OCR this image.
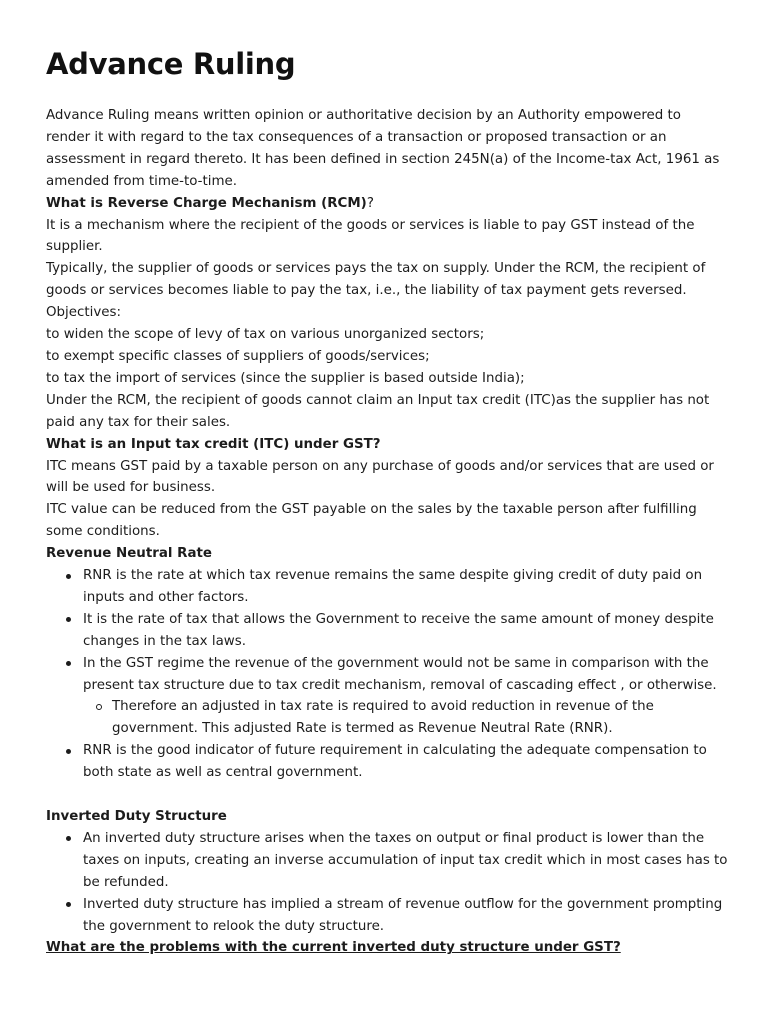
Advance Ruling

Advance Ruling means written opinion or authoritative decision by an Authority empowered to render it with regard to the tax consequences of a transaction or proposed transaction or an assessment in regard thereto. It has been defined in section 245N(a) of the Income-tax Act, 1961 as amended from time-to-time.

What is Reverse Charge Mechanism (RCM)?

It is a mechanism where the recipient of the goods or services is liable to pay GST instead of the supplier.

Typically, the supplier of goods or services pays the tax on supply. Under the RCM, the recipient of goods or services becomes liable to pay the tax, i.e., the liability of tax payment gets reversed.

Objectives:

to widen the scope of levy of tax on various unorganized sectors;

to exempt specific classes of suppliers of goods/services;

to tax the import of services (since the supplier is based outside India);

Under the RCM, the recipient of goods cannot claim an Input tax credit (ITC)as the supplier has not paid any tax for their sales.

What is an Input tax credit (ITC) under GST?

ITC means GST paid by a taxable person on any purchase of goods and/or services that are used or will be used for business.

ITC value can be reduced from the GST payable on the sales by the taxable person after fulfilling some conditions.

Revenue Neutral Rate

RNR is the rate at which tax revenue remains the same despite giving credit of duty paid on inputs and other factors.
It is the rate of tax that allows the Government to receive the same amount of money despite changes in the tax laws.
In the GST regime the revenue of the government would not be same in comparison with the present tax structure due to tax credit mechanism, removal of cascading effect , or otherwise.
Therefore an adjusted in tax rate is required to avoid reduction in revenue of the government. This adjusted Rate is termed as Revenue Neutral Rate (RNR).
RNR is the good indicator of future requirement in calculating the adequate compensation to both state as well as central government.

Inverted Duty Structure

An inverted duty structure arises when the taxes on output or final product is lower than the taxes on inputs, creating an inverse accumulation of input tax credit which in most cases has to be refunded.
Inverted duty structure has implied a stream of revenue outflow for the government prompting the government to relook the duty structure.

What are the problems with the current inverted duty structure under GST?
